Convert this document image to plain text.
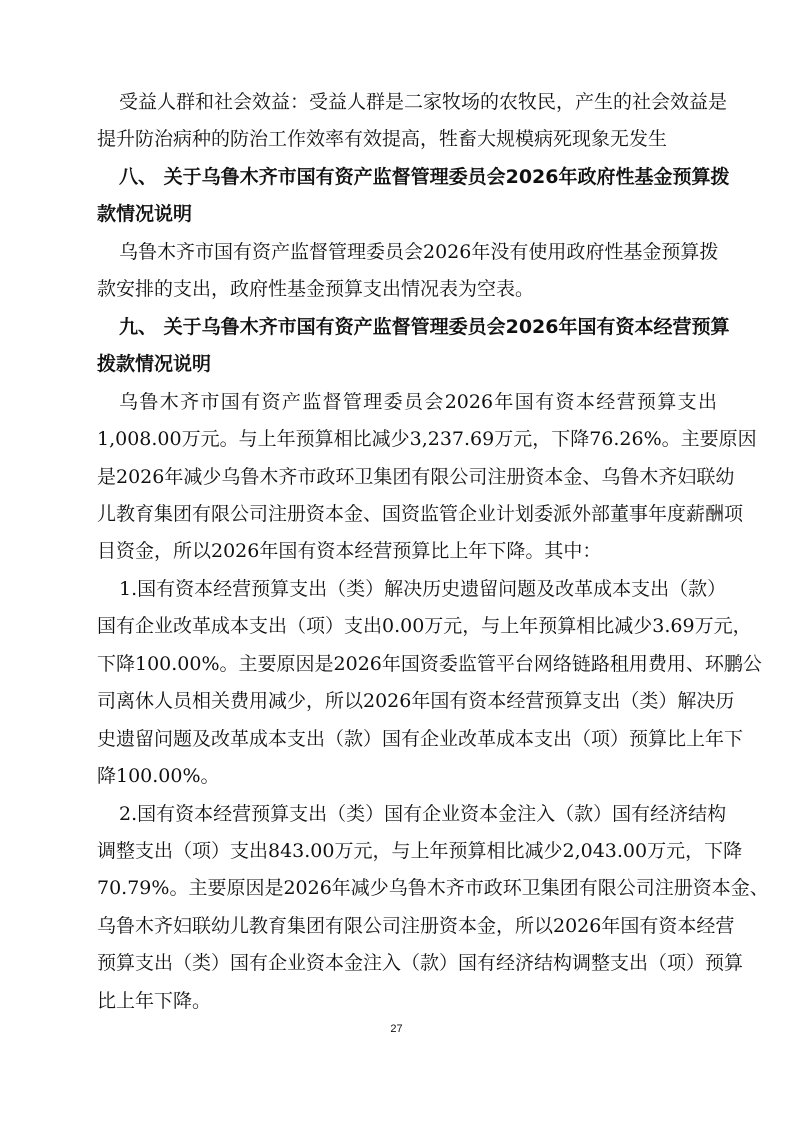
受益人群和社会效益：受益人群是二家牧场的农牧民，产生的社会效益是
提升防治病种的防治工作效率有效提高，牲畜大规模病死现象无发生
八、 关于乌鲁木齐市国有资产监督管理委员会2026年政府性基金预算拨
款情况说明
乌鲁木齐市国有资产监督管理委员会2026年没有使用政府性基金预算拨
款安排的支出，政府性基金预算支出情况表为空表。
九、 关于乌鲁木齐市国有资产监督管理委员会2026年国有资本经营预算
拨款情况说明
乌鲁木齐市国有资产监督管理委员会2026年国有资本经营预算支出
1,008.00万元。与上年预算相比减少3,237.69万元，下降76.26%。主要原因
是2026年减少乌鲁木齐市政环卫集团有限公司注册资本金、乌鲁木齐妇联幼
儿教育集团有限公司注册资本金、国资监管企业计划委派外部董事年度薪酬项
目资金，所以2026年国有资本经营预算比上年下降。其中：
1.国有资本经营预算支出（类）解决历史遗留问题及改革成本支出（款）
国有企业改革成本支出（项）支出0.00万元，与上年预算相比减少3.69万元，
下降100.00%。主要原因是2026年国资委监管平台网络链路租用费用、环鹏公
司离休人员相关费用减少，所以2026年国有资本经营预算支出（类）解决历
史遗留问题及改革成本支出（款）国有企业改革成本支出（项）预算比上年下
降100.00%。
2.国有资本经营预算支出（类）国有企业资本金注入（款）国有经济结构
调整支出（项）支出843.00万元，与上年预算相比减少2,043.00万元，下降
70.79%。主要原因是2026年减少乌鲁木齐市政环卫集团有限公司注册资本金、
乌鲁木齐妇联幼儿教育集团有限公司注册资本金，所以2026年国有资本经营
预算支出（类）国有企业资本金注入（款）国有经济结构调整支出（项）预算
比上年下降。
27
